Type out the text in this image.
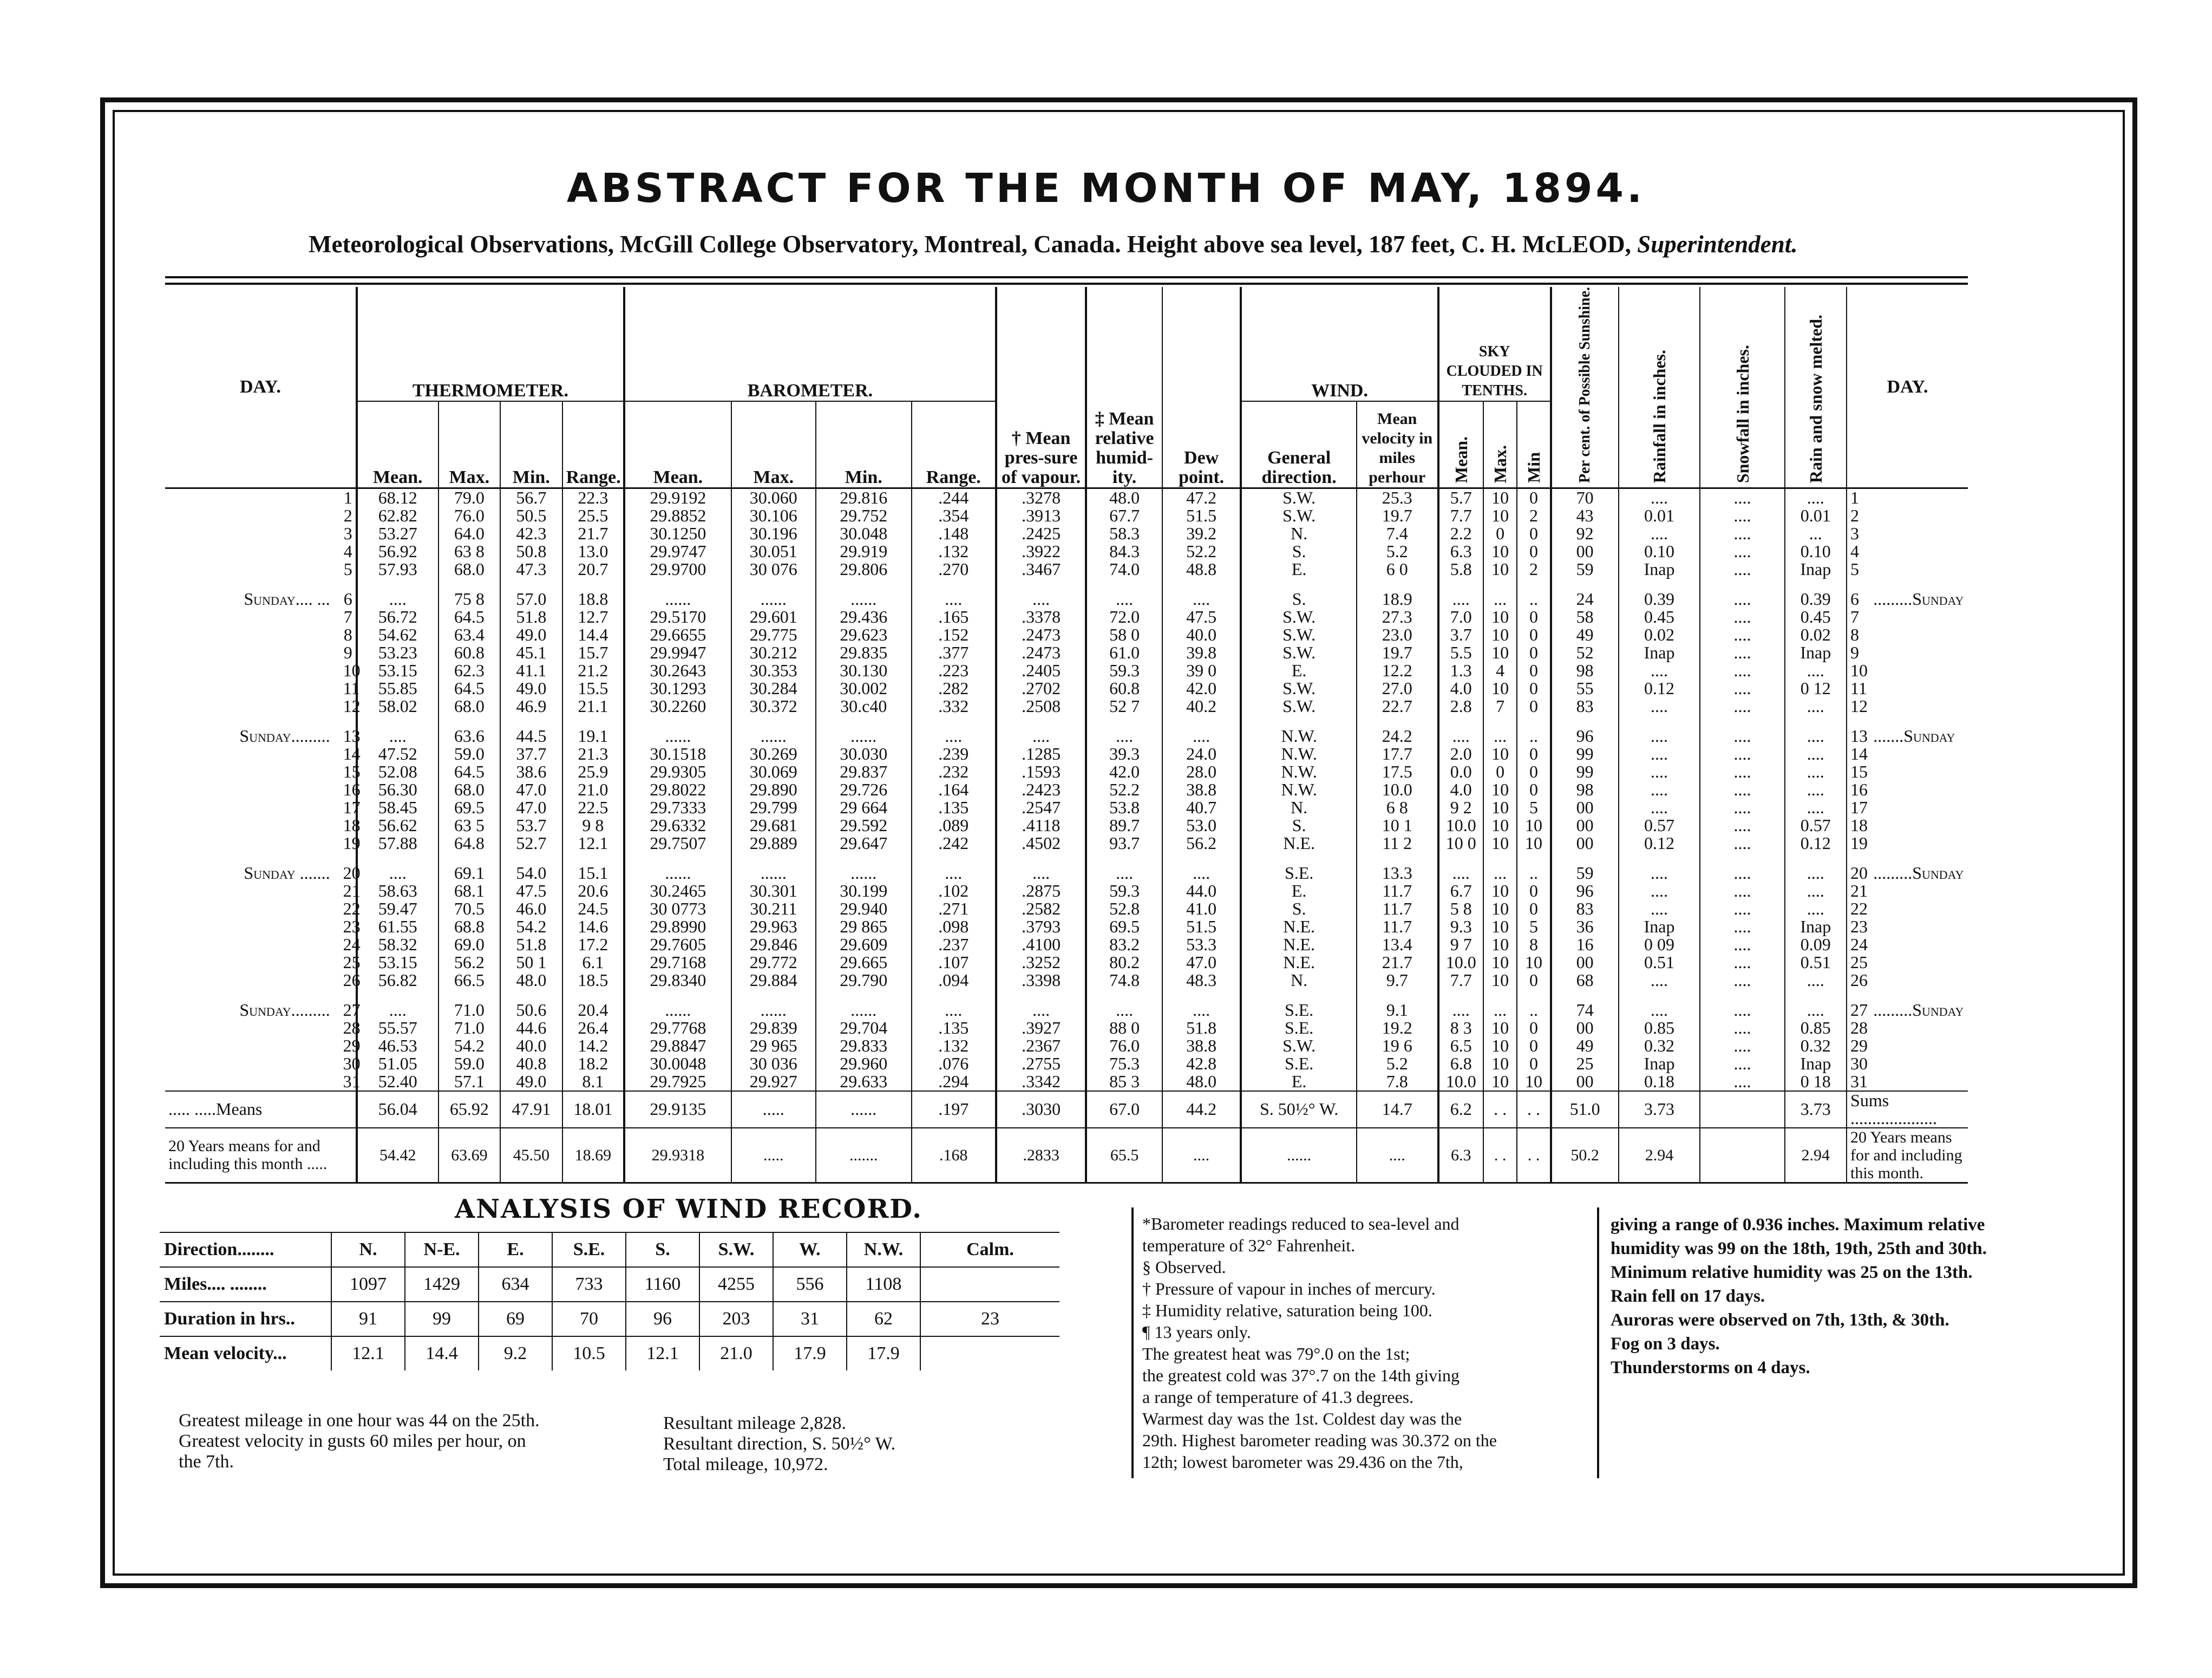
ABSTRACT FOR THE MONTH OF MAY, 1894.
Meteorological Observations, McGill College Observatory, Montreal, Canada. Height above sea level, 187 feet, C. H. McLEOD, Superintendent.
DAY.		THERMOMETER.				BAROMETER.				† Mean pres-sure of vapour.	‡ Mean relative humid-ity.	Dew point.	WIND.		SKY CLOUDED IN TENTHS.			Per cent. of Possible Sunshine.	Rainfall in inches.	Snowfall in inches.	Rain and snow melted.	DAY.	
		Mean.	Max.	Min.	Range.	Mean.	Max.	Min.	Range.				General direction.	Mean velocity in miles perhour	Mean.	Max.	Min						
	1	68.12	79.0	56.7	22.3	29.9192	30.060	29.816	.244	.3278	48.0	47.2	S.W.	25.3	5.7	10	0	70	....	....	....	1	
	2	62.82	76.0	50.5	25.5	29.8852	30.106	29.752	.354	.3913	67.7	51.5	S.W.	19.7	7.7	10	2	43	0.01	....	0.01	2	
	3	53.27	64.0	42.3	21.7	30.1250	30.196	30.048	.148	.2425	58.3	39.2	N.	7.4	2.2	0	0	92	....	....	...	3	
	4	56.92	63 8	50.8	13.0	29.9747	30.051	29.919	.132	.3922	84.3	52.2	S.	5.2	6.3	10	0	00	0.10	....	0.10	4	
	5	57.93	68.0	47.3	20.7	29.9700	30 076	29.806	.270	.3467	74.0	48.8	E.	6 0	5.8	10	2	59	Inap	....	Inap	5	

Sunday.... ...	6	....	75 8	57.0	18.8	......	......	......	....	....	....	....	S.	18.9	....	...	..	24	0.39	....	0.39	6	.........Sunday
	7	56.72	64.5	51.8	12.7	29.5170	29.601	29.436	.165	.3378	72.0	47.5	S.W.	27.3	7.0	10	0	58	0.45	....	0.45	7	
	8	54.62	63.4	49.0	14.4	29.6655	29.775	29.623	.152	.2473	58 0	40.0	S.W.	23.0	3.7	10	0	49	0.02	....	0.02	8	
	9	53.23	60.8	45.1	15.7	29.9947	30.212	29.835	.377	.2473	61.0	39.8	S.W.	19.7	5.5	10	0	52	Inap	....	Inap	9	
	10	53.15	62.3	41.1	21.2	30.2643	30.353	30.130	.223	.2405	59.3	39 0	E.	12.2	1.3	4	0	98	....	....	....	10	
	11	55.85	64.5	49.0	15.5	30.1293	30.284	30.002	.282	.2702	60.8	42.0	S.W.	27.0	4.0	10	0	55	0.12	....	0 12	11	
	12	58.02	68.0	46.9	21.1	30.2260	30.372	30.c40	.332	.2508	52 7	40.2	S.W.	22.7	2.8	7	0	83	....	....	....	12	

Sunday.........	13	....	63.6	44.5	19.1	......	......	......	....	....	....	....	N.W.	24.2	....	...	..	96	....	....	....	13	.......Sunday
	14	47.52	59.0	37.7	21.3	30.1518	30.269	30.030	.239	.1285	39.3	24.0	N.W.	17.7	2.0	10	0	99	....	....	....	14	
	15	52.08	64.5	38.6	25.9	29.9305	30.069	29.837	.232	.1593	42.0	28.0	N.W.	17.5	0.0	0	0	99	....	....	....	15	
	16	56.30	68.0	47.0	21.0	29.8022	29.890	29.726	.164	.2423	52.2	38.8	N.W.	10.0	4.0	10	0	98	....	....	....	16	
	17	58.45	69.5	47.0	22.5	29.7333	29.799	29 664	.135	.2547	53.8	40.7	N.	6 8	9 2	10	5	00	....	....	....	17	
	18	56.62	63 5	53.7	9 8	29.6332	29.681	29.592	.089	.4118	89.7	53.0	S.	10 1	10.0	10	10	00	0.57	....	0.57	18	
	19	57.88	64.8	52.7	12.1	29.7507	29.889	29.647	.242	.4502	93.7	56.2	N.E.	11 2	10 0	10	10	00	0.12	....	0.12	19	

Sunday .......	20	....	69.1	54.0	15.1	......	......	......	....	....	....	....	S.E.	13.3	....	...	..	59	....	....	....	20	.........Sunday
	21	58.63	68.1	47.5	20.6	30.2465	30.301	30.199	.102	.2875	59.3	44.0	E.	11.7	6.7	10	0	96	....	....	....	21	
	22	59.47	70.5	46.0	24.5	30 0773	30.211	29.940	.271	.2582	52.8	41.0	S.	11.7	5 8	10	0	83	....	....	....	22	
	23	61.55	68.8	54.2	14.6	29.8990	29.963	29 865	.098	.3793	69.5	51.5	N.E.	11.7	9.3	10	5	36	Inap	....	Inap	23	
	24	58.32	69.0	51.8	17.2	29.7605	29.846	29.609	.237	.4100	83.2	53.3	N.E.	13.4	9 7	10	8	16	0 09	....	0.09	24	
	25	53.15	56.2	50 1	6.1	29.7168	29.772	29.665	.107	.3252	80.2	47.0	N.E.	21.7	10.0	10	10	00	0.51	....	0.51	25	
	26	56.82	66.5	48.0	18.5	29.8340	29.884	29.790	.094	.3398	74.8	48.3	N.	9.7	7.7	10	0	68	....	....	....	26	

Sunday.........	27	....	71.0	50.6	20.4	......	......	......	....	....	....	....	S.E.	9.1	....	...	..	74	....	....	....	27	.........Sunday
	28	55.57	71.0	44.6	26.4	29.7768	29.839	29.704	.135	.3927	88 0	51.8	S.E.	19.2	8 3	10	0	00	0.85	....	0.85	28	
	29	46.53	54.2	40.0	14.2	29.8847	29 965	29.833	.132	.2367	76.0	38.8	S.W.	19 6	6.5	10	0	49	0.32	....	0.32	29	
	30	51.05	59.0	40.8	18.2	30.0048	30 036	29.960	.076	.2755	75.3	42.8	S.E.	5.2	6.8	10	0	25	Inap	....	Inap	30	
	31	52.40	57.1	49.0	8.1	29.7925	29.927	29.633	.294	.3342	85 3	48.0	E.	7.8	10.0	10	10	00	0.18	....	0 18	31	
..... .....Means		56.04	65.92	47.91	18.01	29.9135	.....	......	.197	.3030	67.0	44.2	S. 50½° W.	14.7	6.2	. .	. .	51.0	3.73		3.73	Sums ....................	
20 Years means for and including this month .....		54.42	63.69	45.50	18.69	29.9318	.....	.......	.168	.2833	65.5	....	......	....	6.3	. .	. .	50.2	2.94		2.94	20 Years means for and including this month.	
ANALYSIS OF WIND RECORD.
Direction........	N.	N-E.	E.	S.E.	S.	S.W.	W.	N.W.	Calm.
Miles.... ........	1097	1429	634	733	1160	4255	556	1108	
Duration in hrs..	91	99	69	70	96	203	31	62	23
Mean velocity...	12.1	14.4	9.2	10.5	12.1	21.0	17.9	17.9	
Greatest mileage in one hour was 44 on the 25th.
Greatest velocity in gusts 60 miles per hour, on
the 7th.
Resultant mileage 2,828.
Resultant direction, S. 50½° W.
Total mileage, 10,972.
*Barometer readings reduced to sea-level and
temperature of 32° Fahrenheit.
§ Observed.
† Pressure of vapour in inches of mercury.
‡ Humidity relative, saturation being 100.
¶ 13 years only.
The greatest heat was 79°.0 on the 1st;
the greatest cold was 37°.7 on the 14th giving
a range of temperature of 41.3 degrees.
Warmest day was the 1st. Coldest day was the
29th. Highest barometer reading was 30.372 on the
12th; lowest barometer was 29.436 on the 7th,
giving a range of 0.936 inches. Maximum relative
humidity was 99 on the 18th, 19th, 25th and 30th.
Minimum relative humidity was 25 on the 13th.
Rain fell on 17 days.
Auroras were observed on 7th, 13th, & 30th.
Fog on 3 days.
Thunderstorms on 4 days.
